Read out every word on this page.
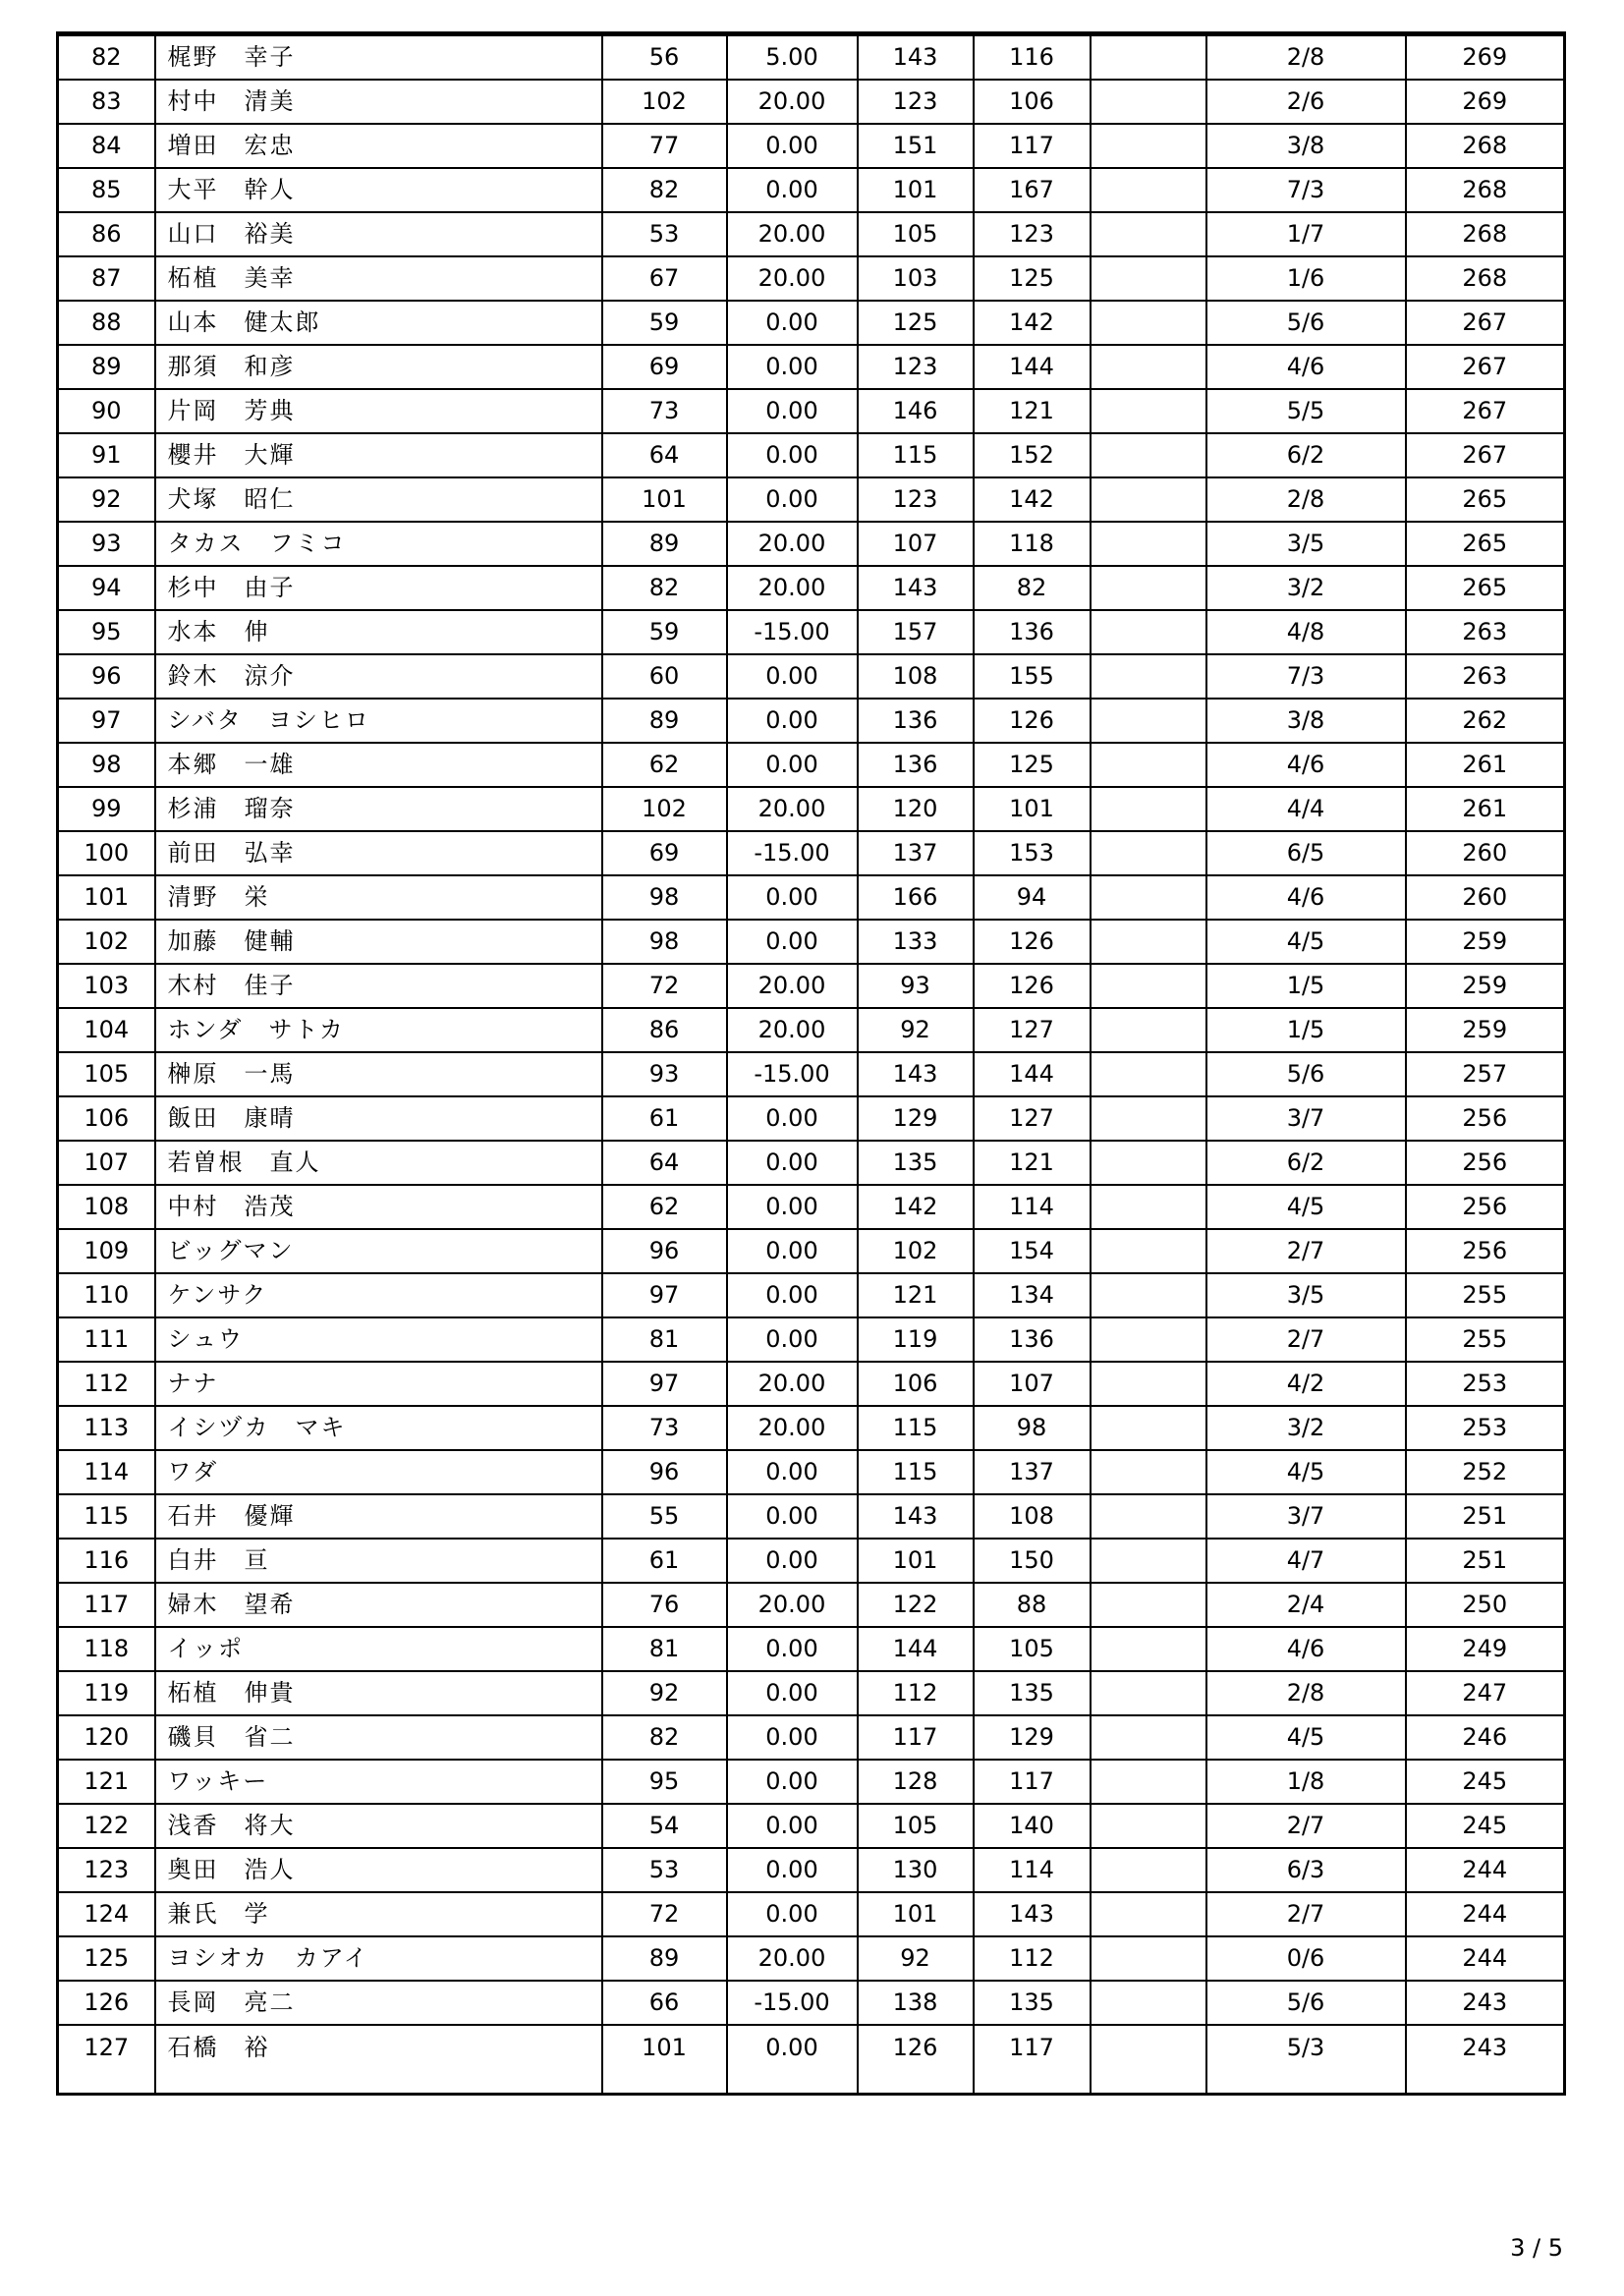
82	梶野　幸子	56	5.00	143	116		2/8	269
83	村中　清美	102	20.00	123	106		2/6	269
84	増田　宏忠	77	0.00	151	117		3/8	268
85	大平　幹人	82	0.00	101	167		7/3	268
86	山口　裕美	53	20.00	105	123		1/7	268
87	柘植　美幸	67	20.00	103	125		1/6	268
88	山本　健太郎	59	0.00	125	142		5/6	267
89	那須　和彦	69	0.00	123	144		4/6	267
90	片岡　芳典	73	0.00	146	121		5/5	267
91	櫻井　大輝	64	0.00	115	152		6/2	267
92	犬塚　昭仁	101	0.00	123	142		2/8	265
93	タカス　フミコ	89	20.00	107	118		3/5	265
94	杉中　由子	82	20.00	143	82		3/2	265
95	水本　伸	59	-15.00	157	136		4/8	263
96	鈴木　涼介	60	0.00	108	155		7/3	263
97	シバタ　ヨシヒロ	89	0.00	136	126		3/8	262
98	本郷　一雄	62	0.00	136	125		4/6	261
99	杉浦　瑠奈	102	20.00	120	101		4/4	261
100	前田　弘幸	69	-15.00	137	153		6/5	260
101	清野　栄	98	0.00	166	94		4/6	260
102	加藤　健輔	98	0.00	133	126		4/5	259
103	木村　佳子	72	20.00	93	126		1/5	259
104	ホンダ　サトカ	86	20.00	92	127		1/5	259
105	榊原　一馬	93	-15.00	143	144		5/6	257
106	飯田　康晴	61	0.00	129	127		3/7	256
107	若曽根　直人	64	0.00	135	121		6/2	256
108	中村　浩茂	62	0.00	142	114		4/5	256
109	ビッグマン	96	0.00	102	154		2/7	256
110	ケンサク	97	0.00	121	134		3/5	255
111	シュウ	81	0.00	119	136		2/7	255
112	ナナ	97	20.00	106	107		4/2	253
113	イシヅカ　マキ	73	20.00	115	98		3/2	253
114	ワダ	96	0.00	115	137		4/5	252
115	石井　優輝	55	0.00	143	108		3/7	251
116	白井　亘	61	0.00	101	150		4/7	251
117	婦木　望希	76	20.00	122	88		2/4	250
118	イッポ	81	0.00	144	105		4/6	249
119	柘植　伸貴	92	0.00	112	135		2/8	247
120	磯貝　省二	82	0.00	117	129		4/5	246
121	ワッキー	95	0.00	128	117		1/8	245
122	浅香　将大	54	0.00	105	140		2/7	245
123	奥田　浩人	53	0.00	130	114		6/3	244
124	兼氏　学	72	0.00	101	143		2/7	244
125	ヨシオカ　カアイ	89	20.00	92	112		0/6	244
126	長岡　亮二	66	-15.00	138	135		5/6	243
127	石橋　裕	101	0.00	126	117		5/3	243
3 / 5
